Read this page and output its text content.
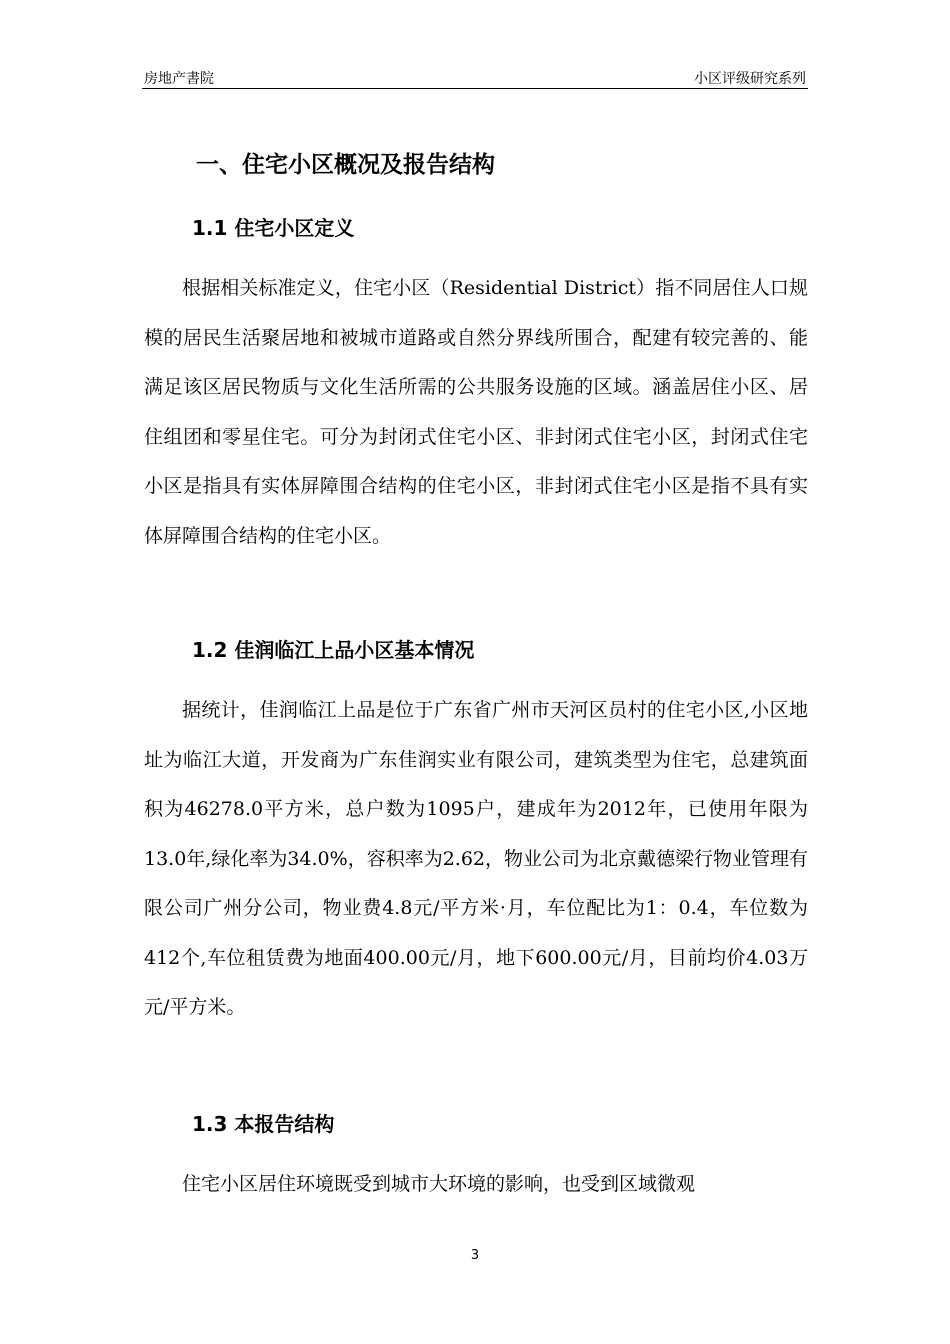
房地产書院	小区评级研究系列
一、住宅小区概况及报告结构
1.1 住宅小区定义

根据相关标准定义，住宅小区（Residential District）指不同居住人口规模的居民生活聚居地和被城市道路或自然分界线所围合，配建有较完善的、能满足该区居民物质与文化生活所需的公共服务设施的区域。涵盖居住小区、居住组团和零星住宅。可分为封闭式住宅小区、非封闭式住宅小区，封闭式住宅小区是指具有实体屏障围合结构的住宅小区，非封闭式住宅小区是指不具有实体屏障围合结构的住宅小区。

1.2 佳润临江上品小区基本情况

据统计，佳润临江上品是位于广东省广州市天河区员村的住宅小区,小区地址为临江大道，开发商为广东佳润实业有限公司，建筑类型为住宅，总建筑面积为46278.0平方米，总户数为1095户，建成年为2012年，已使用年限为13.0年,绿化率为34.0%，容积率为2.62，物业公司为北京戴德梁行物业管理有限公司广州分公司，物业费4.8元/平方米·月，车位配比为1：0.4，车位数为412个,车位租赁费为地面400.00元/月，地下600.00元/月，目前均价4.03万元/平方米。

1.3 本报告结构

住宅小区居住环境既受到城市大环境的影响，也受到区域微观

3
